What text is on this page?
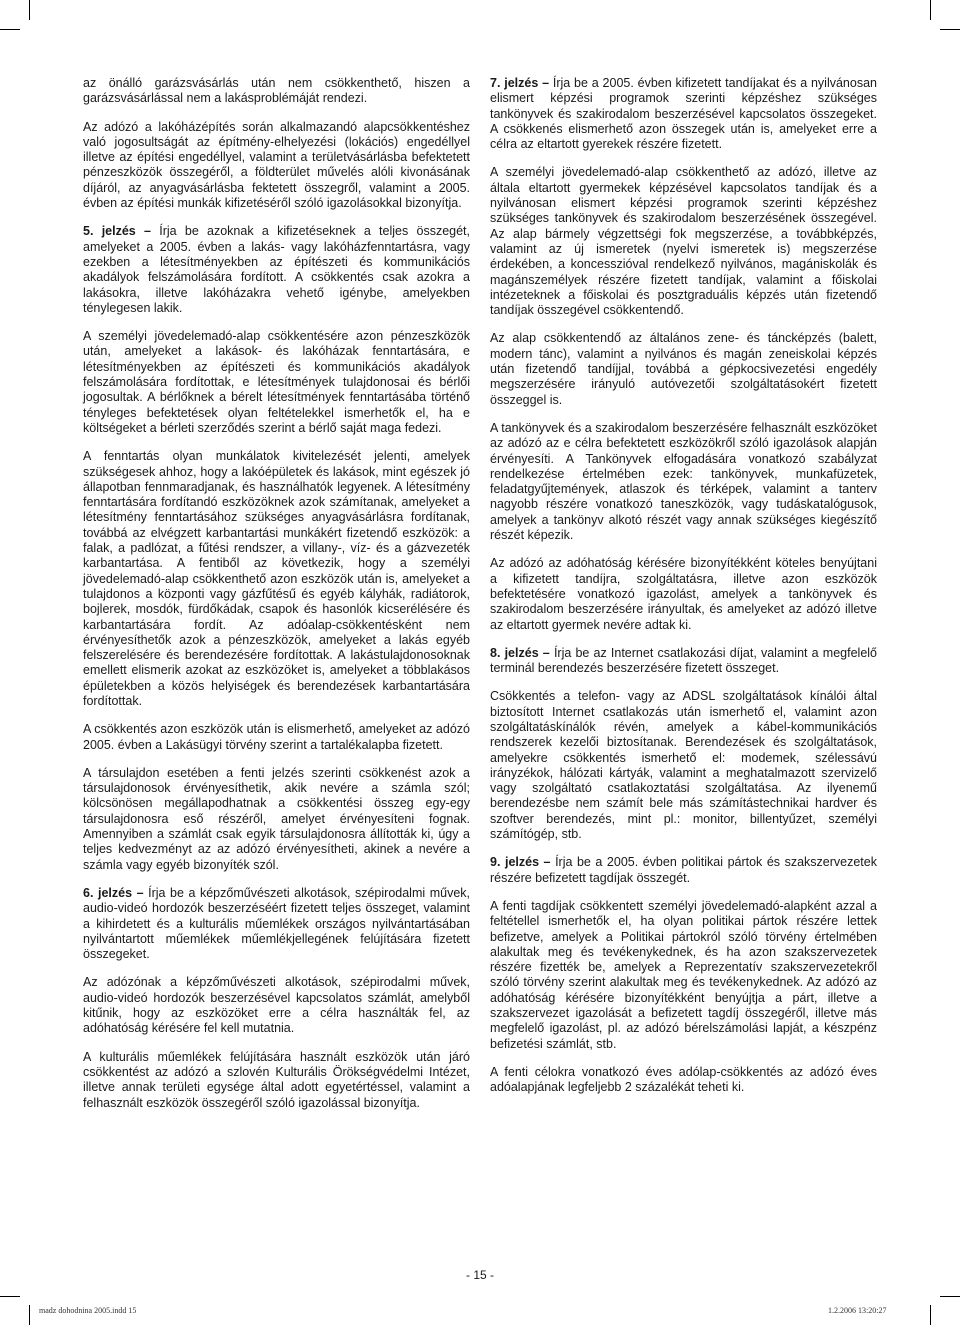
az önálló garázsvásárlás után nem csökkenthető, hiszen a garázsvásárlással nem a lakásproblémáját rendezi.

Az adózó a lakóházépítés során alkalmazandó alapcsökkentéshez való jogosultságát az építmény-elhelyezési (lokációs) engedéllyel illetve az építési engedéllyel, valamint a területvásárlásba befektetett pénzeszközök összegéről, a földterület művelés alóli kivonásának díjáról, az anyagvásárlásba fektetett összegről, valamint a 2005. évben az építési munkák kifizetéséről szóló igazolásokkal bizonyítja.

5. jelzés – Írja be azoknak a kifizetéseknek a teljes összegét, amelyeket a 2005. évben a lakás- vagy lakóházfenntartásra, vagy ezekben a létesítményekben az építészeti és kommunikációs akadályok felszámolására fordított. A csökkentés csak azokra a lakásokra, illetve lakóházakra vehető igénybe, amelyekben ténylegesen lakik.

A személyi jövedelemadó-alap csökkentésére azon pénzeszközök után, amelyeket a lakások- és lakóházak fenntartására, e létesítményekben az építészeti és kommunikációs akadályok felszámolására fordítottak, e létesítmények tulajdonosai és bérlői jogosultak. A bérlőknek a bérelt létesítmények fenntartásába történő tényleges befektetések olyan feltételekkel ismerhetők el, ha e költségeket a bérleti szerződés szerint a bérlő saját maga fedezi.

A fenntartás olyan munkálatok kivitelezését jelenti, amelyek szükségesek ahhoz, hogy a lakóépületek és lakások, mint egészek jó állapotban fennmaradjanak, és használhatók legyenek. A létesítmény fenntartására fordítandó eszközöknek azok számítanak, amelyeket a létesítmény fenntartásához szükséges anyagvásárlásra fordítanak, továbbá az elvégzett karbantartási munkákért fizetendő eszközök: a falak, a padlózat, a fűtési rendszer, a villany-, víz- és a gázvezeték karbantartása. A fentiből az következik, hogy a személyi jövedelemadó-alap csökkenthető azon eszközök után is, amelyeket a tulajdonos a központi vagy gázfűtésű és egyéb kályhák, radiátorok, bojlerek, mosdók, fürdőkádak, csapok és hasonlók kicserélésére és karbantartására fordít. Az adóalap-csökkentésként nem érvényesíthetők azok a pénzeszközök, amelyeket a lakás egyéb felszerelésére és berendezésére fordítottak. A lakástulajdonosoknak emellett elismerik azokat az eszközöket is, amelyeket a többlakásos épületekben a közös helyiségek és berendezések karbantartására fordítottak.

A csökkentés azon eszközök után is elismerhető, amelyeket az adózó 2005. évben a Lakásügyi törvény szerint a tartalékalapba fizetett.

A társulajdon esetében a fenti jelzés szerinti csökkenést azok a társulajdonosok érvényesíthetik, akik nevére a számla szól; kölcsönösen megállapodhatnak a csökkentési összeg egy-egy társulajdonosra eső részéről, amelyet érvényesíteni fognak. Amennyiben a számlát csak egyik társulajdonosra állították ki, úgy a teljes kedvezményt az az adózó érvényesítheti, akinek a nevére a számla vagy egyéb bizonyíték szól.

6. jelzés – Írja be a képzőművészeti alkotások, szépirodalmi művek, audio-videó hordozók beszerzéséért fizetett teljes összeget, valamint a kihirdetett és a kulturális műemlékek országos nyilvántartásában nyilvántartott műemlékek műemlékjellegének felújítására fizetett összegeket.

Az adózónak a képzőművészeti alkotások, szépirodalmi művek, audio-videó hordozók beszerzésével kapcsolatos számlát, amelyből kitűnik, hogy az eszközöket erre a célra használták fel, az adóhatóság kérésére fel kell mutatnia.

A kulturális műemlékek felújítására használt eszközök után járó csökkentést az adózó a szlovén Kulturális Örökségvédelmi Intézet, illetve annak területi egysége által adott egyetértéssel, valamint a felhasznált eszközök összegéről szóló igazolással bizonyítja.

7. jelzés – Írja be a 2005. évben kifizetett tandíjakat és a nyilvánosan elismert képzési programok szerinti képzéshez szükséges tankönyvek és szakirodalom beszerzésével kapcsolatos összegeket. A csökkenés elismerhető azon összegek után is, amelyeket erre a célra az eltartott gyerekek részére fizetett.

A személyi jövedelemadó-alap csökkenthető az adózó, illetve az általa eltartott gyermekek képzésével kapcsolatos tandíjak és a nyilvánosan elismert képzési programok szerinti képzéshez szükséges tankönyvek és szakirodalom beszerzésének összegével. Az alap bármely végzettségi fok megszerzése, a továbbképzés, valamint az új ismeretek (nyelvi ismeretek is) megszerzése érdekében, a koncesszióval rendelkező nyilvános, magániskolák és magánszemélyek részére fizetett tandíjak, valamint a főiskolai intézeteknek a főiskolai és posztgraduális képzés után fizetendő tandíjak összegével csökkentendő.

Az alap csökkentendő az általános zene- és táncképzés (balett, modern tánc), valamint a nyilvános és magán zeneiskolai képzés után fizetendő tandíjjal, továbbá a gépkocsivezetési engedély megszerzésére irányuló autóvezetői szolgáltatásokért fizetett összeggel is.

A tankönyvek és a szakirodalom beszerzésére felhasznált eszközöket az adózó az e célra befektetett eszközökről szóló igazolások alapján érvényesíti. A Tankönyvek elfogadására vonatkozó szabályzat rendelkezése értelmében ezek: tankönyvek, munkafüzetek, feladatgyűjtemények, atlaszok és térképek, valamint a tanterv nagyobb részére vonatkozó taneszközök, vagy tudáskatalógusok, amelyek a tankönyv alkotó részét vagy annak szükséges kiegészítő részét képezik.

Az adózó az adóhatóság kérésére bizonyítékként köteles benyújtani a kifizetett tandíjra, szolgáltatásra, illetve azon eszközök befektetésére vonatkozó igazolást, amelyek a tankönyvek és szakirodalom beszerzésére irányultak, és amelyeket az adózó illetve az eltartott gyermek nevére adtak ki.

8. jelzés – Írja be az Internet csatlakozási díjat, valamint a megfelelő terminál berendezés beszerzésére fizetett összeget.

Csökkentés a telefon- vagy az ADSL szolgáltatások kínálói által biztosított Internet csatlakozás után ismerhető el, valamint azon szolgáltatáskínálók révén, amelyek a kábel-kommunikációs rendszerek kezelői biztosítanak. Berendezések és szolgáltatások, amelyekre csökkentés ismerhető el: modemek, szélessávú irányzékok, hálózati kártyák, valamint a meghatalmazott szervizelő vagy szolgáltató csatlakoztatási szolgáltatása. Az ilyenemű berendezésbe nem számít bele más számítástechnikai hardver és szoftver berendezés, mint pl.: monitor, billentyűzet, személyi számítógép, stb.

9. jelzés – Írja be a 2005. évben politikai pártok és szakszervezetek részére befizetett tagdíjak összegét.

A fenti tagdíjak csökkentett személyi jövedelemadó-alapként azzal a feltétellel ismerhetők el, ha olyan politikai pártok részére lettek befizetve, amelyek a Politikai pártokról szóló törvény értelmében alakultak meg és tevékenykednek, és ha azon szakszervezetek részére fizették be, amelyek a Reprezentatív szakszervezetekről szóló törvény szerint alakultak meg és tevékenykednek. Az adózó az adóhatóság kérésére bizonyítékként benyújtja a párt, illetve a szakszervezet igazolását a befizetett tagdíj összegéről, illetve más megfelelő igazolást, pl. az adózó bérelszámolási lapját, a készpénz befizetési számlát, stb.

A fenti célokra vonatkozó éves adólap-csökkentés az adózó éves adóalapjának legfeljebb 2 százalékát teheti ki.

- 15 -
madz dohodnina 2005.indd 15	1.2.2006 13:20:27
